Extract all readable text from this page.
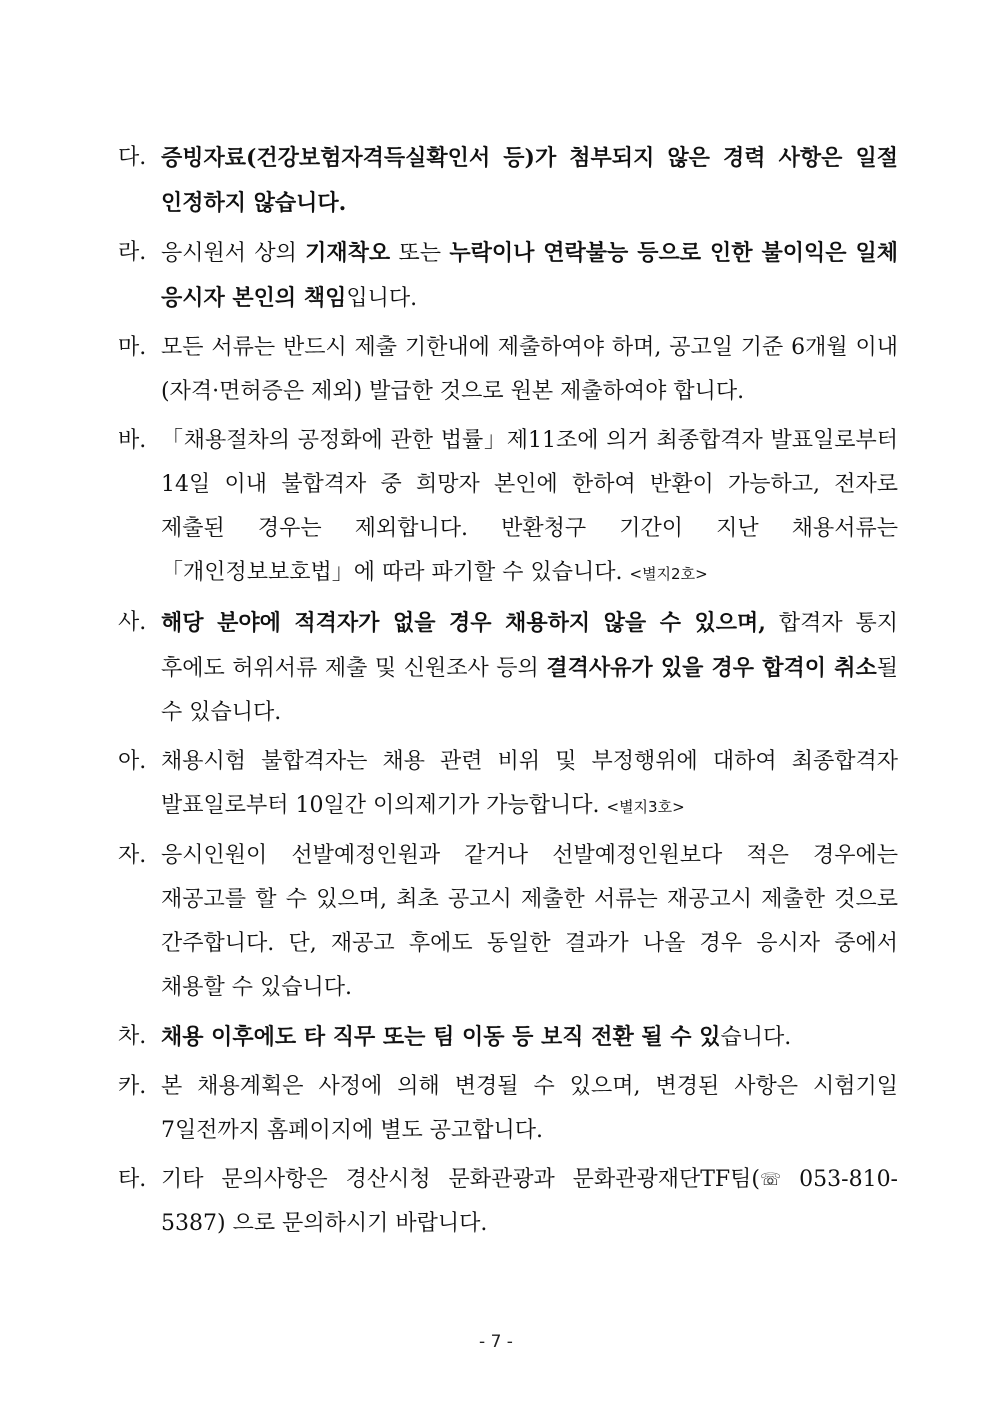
다. 증빙자료(건강보험자격득실확인서 등)가 첨부되지 않은 경력 사항은 일절 인정하지 않습니다.
라. 응시원서 상의 기재착오 또는 누락이나 연락불능 등으로 인한 불이익은 일체 응시자 본인의 책임입니다.
마. 모든 서류는 반드시 제출 기한내에 제출하여야 하며, 공고일 기준 6개월 이내(자격·면허증은 제외) 발급한 것으로 원본 제출하여야 합니다.
바. 「채용절차의 공정화에 관한 법률」제11조에 의거 최종합격자 발표일로부터 14일 이내 불합격자 중 희망자 본인에 한하여 반환이 가능하고, 전자로 제출된 경우는 제외합니다. 반환청구 기간이 지난 채용서류는 「개인정보보호법」에 따라 파기할 수 있습니다. <별지2호>
사. 해당 분야에 적격자가 없을 경우 채용하지 않을 수 있으며, 합격자 통지 후에도 허위서류 제출 및 신원조사 등의 결격사유가 있을 경우 합격이 취소될 수 있습니다.
아. 채용시험 불합격자는 채용 관련 비위 및 부정행위에 대하여 최종합격자 발표일로부터 10일간 이의제기가 가능합니다. <별지3호>
자. 응시인원이 선발예정인원과 같거나 선발예정인원보다 적은 경우에는 재공고를 할 수 있으며, 최초 공고시 제출한 서류는 재공고시 제출한 것으로 간주합니다. 단, 재공고 후에도 동일한 결과가 나올 경우 응시자 중에서 채용할 수 있습니다.
차. 채용 이후에도 타 직무 또는 팀 이동 등 보직 전환 될 수 있습니다.
카. 본 채용계획은 사정에 의해 변경될 수 있으며, 변경된 사항은 시험기일 7일전까지 홈페이지에 별도 공고합니다.
타. 기타 문의사항은 경산시청 문화관광과 문화관광재단TF팀(☏ 053-810-5387) 으로 문의하시기 바랍니다.
- 7 -
